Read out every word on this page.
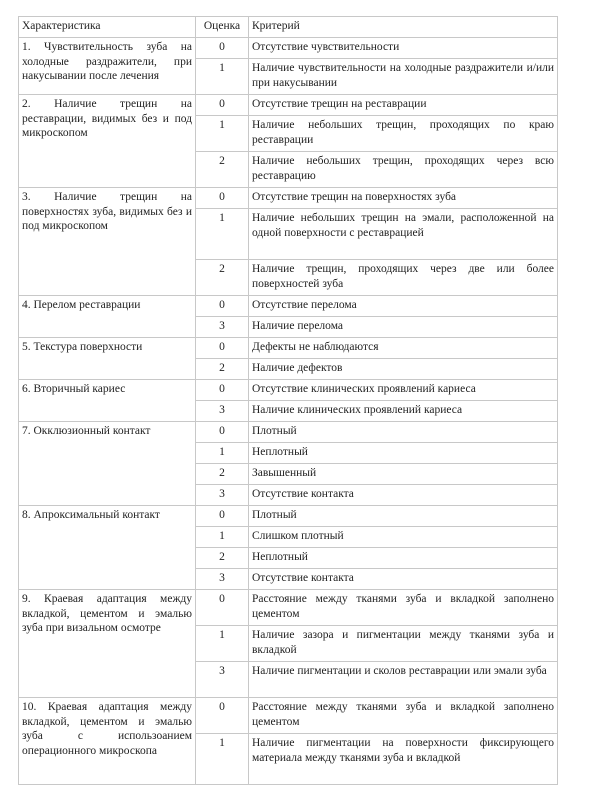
Характеристика	Оценка	Критерий
1. Чувствительность зуба на холодные раздражители, при накусывании после лечения	0	Отсутствие чувствительности
	1	Наличие чувствительности на холодные раздражители и/или при накусывании
2. Наличие трещин на реставрации, видимых без и под микроскопом	0	Отсутствие трещин на реставрации
	1	Наличие небольших трещин, проходящих по краю реставрации
	2	Наличие небольших трещин, проходящих через всю реставрацию
3. Наличие трещин на поверхностях зуба, видимых без и под микроскопом	0	Отсутствие трещин на поверхностях зуба
	1	Наличие небольших трещин на эмали, расположенной на одной поверхности с реставрацией
	2	Наличие трещин, проходящих через две или более поверхностей зуба
4. Перелом реставрации	0	Отсутствие перелома
	3	Наличие перелома
5. Текстура поверхности	0	Дефекты не наблюдаются
	2	Наличие дефектов
6. Вторичный кариес	0	Отсутствие клинических проявлений кариеса
	3	Наличие клинических проявлений кариеса
7. Окклюзионный контакт	0	Плотный
	1	Неплотный
	2	Завышенный
	3	Отсутствие контакта
8. Апроксимальный контакт	0	Плотный
	1	Слишком плотный
	2	Неплотный
	3	Отсутствие контакта
9. Краевая адаптация между вкладкой, цементом и эмалью зуба при визальном осмотре	0	Расстояние между тканями зуба и вкладкой заполнено цементом
	1	Наличие зазора и пигментации между тканями зуба и вкладкой
	3	Наличие пигментации и сколов реставрации или эмали зуба
10. Краевая адаптация между вкладкой, цементом и эмалью зуба с использоанием операционного микроскопа	0	Расстояние между тканями зуба и вкладкой заполнено цементом
	1	Наличие пигментации на поверхности фиксирующего материала между тканями зуба и вкладкой
